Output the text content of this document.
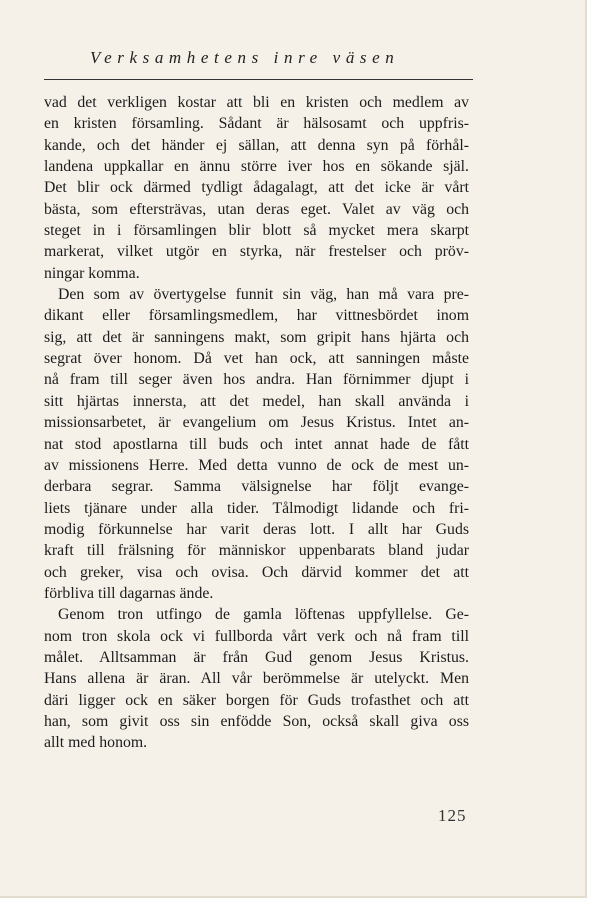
Verksamhetens inre väsen
vad det verkligen kostar att bli en kristen och medlem av
en kristen församling. Sådant är hälsosamt och uppfris-
kande, och det händer ej sällan, att denna syn på förhål-
landena uppkallar en ännu större iver hos en sökande själ.
Det blir ock därmed tydligt ådagalagt, att det icke är vårt
bästa, som eftersträvas, utan deras eget. Valet av väg och
steget in i församlingen blir blott så mycket mera skarpt
markerat, vilket utgör en styrka, när frestelser och pröv-
ningar komma.
Den som av övertygelse funnit sin väg, han må vara pre-
dikant eller församlingsmedlem, har vittnesbördet inom
sig, att det är sanningens makt, som gripit hans hjärta och
segrat över honom. Då vet han ock, att sanningen måste
nå fram till seger även hos andra. Han förnimmer djupt i
sitt hjärtas innersta, att det medel, han skall använda i
missionsarbetet, är evangelium om Jesus Kristus. Intet an-
nat stod apostlarna till buds och intet annat hade de fått
av missionens Herre. Med detta vunno de ock de mest un-
derbara segrar. Samma välsignelse har följt evange-
liets tjänare under alla tider. Tålmodigt lidande och fri-
modig förkunnelse har varit deras lott. I allt har Guds
kraft till frälsning för människor uppenbarats bland judar
och greker, visa och ovisa. Och därvid kommer det att
förbliva till dagarnas ände.
Genom tron utfingo de gamla löftenas uppfyllelse. Ge-
nom tron skola ock vi fullborda vårt verk och nå fram till
målet. Alltsamman är från Gud genom Jesus Kristus.
Hans allena är äran. All vår berömmelse är utelyckt. Men
däri ligger ock en säker borgen för Guds trofasthet och att
han, som givit oss sin enfödde Son, också skall giva oss
allt med honom.
125
